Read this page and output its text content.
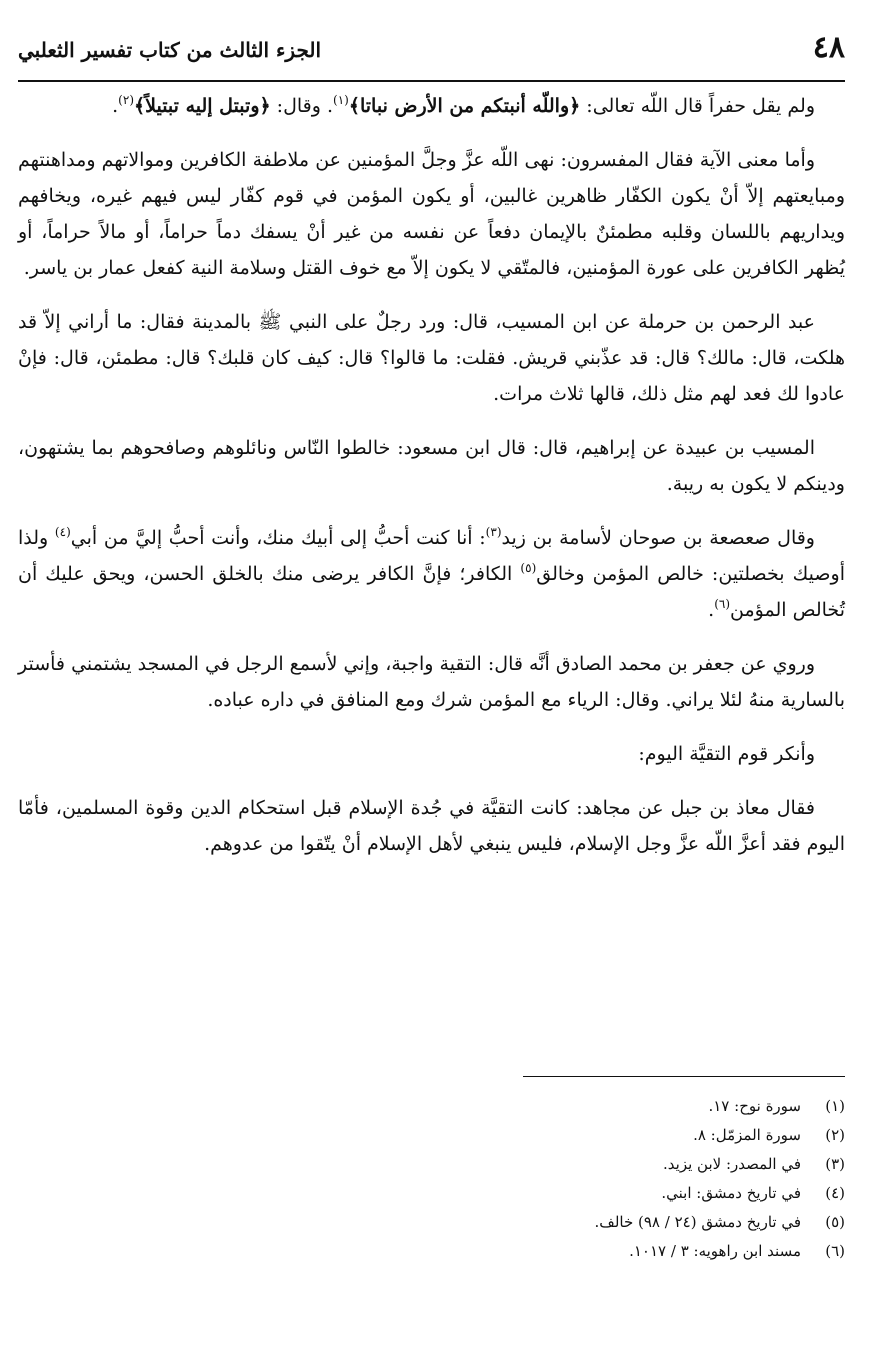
٤٨
الجزء الثالث من كتاب تفسير الثعلبي

ولم يقل حفراً قال اللّه تعالى: ﴿واللّه أنبتكم من الأرض نباتا﴾$^{(١)}$. وقال: ﴿وتبتل إليه تبتيلاً﴾$^{(٢)}$.

وأما معنى الآية فقال المفسرون: نهى اللّه عزَّ وجلَّ المؤمنين عن ملاطفة الكافرين وموالاتهم ومداهنتهم ومبايعتهم إلاّ أنْ يكون الكفّار ظاهرين غالبين، أو يكون المؤمن في قوم كفّار ليس فيهم غيره، ويخافهم ويداريهم باللسان وقلبه مطمئنٌ بالإيمان دفعاً عن نفسه من غير أنْ يسفك دماً حراماً، أو مالاً حراماً، أو يُظهر الكافرين على عورة المؤمنين، فالمتّقي لا يكون إلاّ مع خوف القتل وسلامة النية كفعل عمار بن ياسر.

عبد الرحمن بن حرملة عن ابن المسيب، قال: ورد رجلٌ على النبي ﷺ بالمدينة فقال: ما أراني إلاّ قد هلكت، قال: مالك؟ قال: قد عذّبني قريش. فقلت: ما قالوا؟ قال: كيف كان قلبك؟ قال: مطمئن، قال: فإنْ عادوا لك فعد لهم مثل ذلك، قالها ثلاث مرات.

المسيب بن عبيدة عن إبراهيم، قال: قال ابن مسعود: خالطوا النّاس ونائلوهم وصافحوهم بما يشتهون، ودينكم لا يكون به ريبة.

وقال صعصعة بن صوحان لأسامة بن زيد$^{(٣)}$: أنا كنت أحبُّ إلى أبيك منك، وأنت أحبُّ إليَّ من أبي$^{(٤)}$ ولذا أوصيك بخصلتين: خالص المؤمن وخالق$^{(٥)}$ الكافر؛ فإنَّ الكافر يرضى منك بالخلق الحسن، ويحق عليك أن تُخالص المؤمن$^{(٦)}$.

وروي عن جعفر بن محمد الصادق أنَّه قال: التقية واجبة، وإني لأسمع الرجل في المسجد يشتمني فأستر بالسارية منهُ لئلا يراني. وقال: الرياء مع المؤمن شرك ومع المنافق في داره عباده.

وأنكر قوم التقيَّة اليوم:

فقال معاذ بن جبل عن مجاهد: كانت التقيَّة في جُدة الإسلام قبل استحكام الدين وقوة المسلمين، فأمّا اليوم فقد أعزَّ اللّه عزَّ وجل الإسلام، فليس ينبغي لأهل الإسلام أنْ يتّقوا من عدوهم.

(١)
سورة نوح: ١٧.
(٢)
سورة المزمّل: ٨.
(٣)
في المصدر: لابن يزيد.
(٤)
في تاريخ دمشق: ابني.
(٥)
في تاريخ دمشق (٢٤ / ٩٨) خالف.
(٦)
مسند ابن راهويه: ٣ / ١٠١٧.
